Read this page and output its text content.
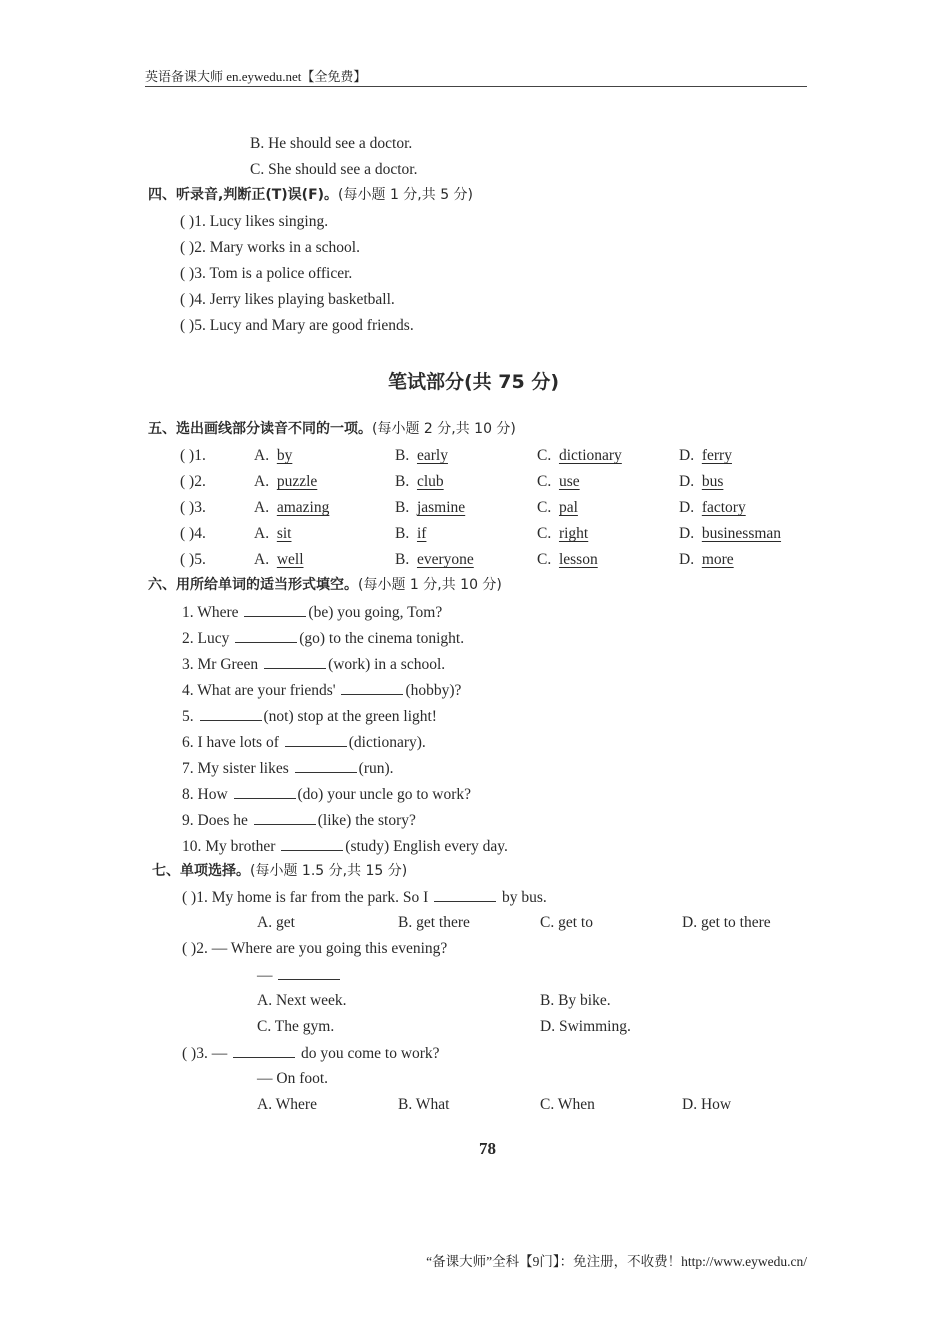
英语备课大师 en.eywedu.net【全免费】
B. He should see a doctor.
C. She should see a doctor.
四、听录音,判断正(T)误(F)。(每小题 1 分,共 5 分)
( )1. Lucy likes singing.
( )2. Mary works in a school.
( )3. Tom is a police officer.
( )4. Jerry likes playing basketball.
( )5. Lucy and Mary are good friends.
笔试部分(共 75 分)
五、选出画线部分读音不同的一项。(每小题 2 分,共 10 分)
( )1.	A. by	B. early	C. dictionary	D. ferry
( )2.	A. puzzle	B. club	C. use	D. bus
( )3.	A. amazing	B. jasmine	C. pal	D. factory
( )4.	A. sit	B. if	C. right	D. businessman
( )5.	A. well	B. everyone	C. lesson	D. more
六、用所给单词的适当形式填空。(每小题 1 分,共 10 分)
1. Where	(be) you going, Tom?
2. Lucy	(go) to the cinema tonight.
3. Mr Green	(work) in a school.
4. What are your friends'	(hobby)?
5.	(not) stop at the green light!
6. I have lots of	(dictionary).
7. My sister likes	(run).
8. How	(do) your uncle go to work?
9. Does he	(like) the story?
10. My brother	(study) English every day.
七、单项选择。(每小题 1.5 分,共 15 分)
( )1. My home is far from the park. So I	by bus.
A. get	B. get there	C. get to	D. get to there
( )2. — Where are you going this evening?
—
A. Next week.	B. By bike.
C. The gym.	D. Swimming.
( )3. —	do you come to work?
— On foot.
A. Where	B. What	C. When	D. How
78
“备课大师”全科【9门】：免注册，不收费！http://www.eywedu.cn/
